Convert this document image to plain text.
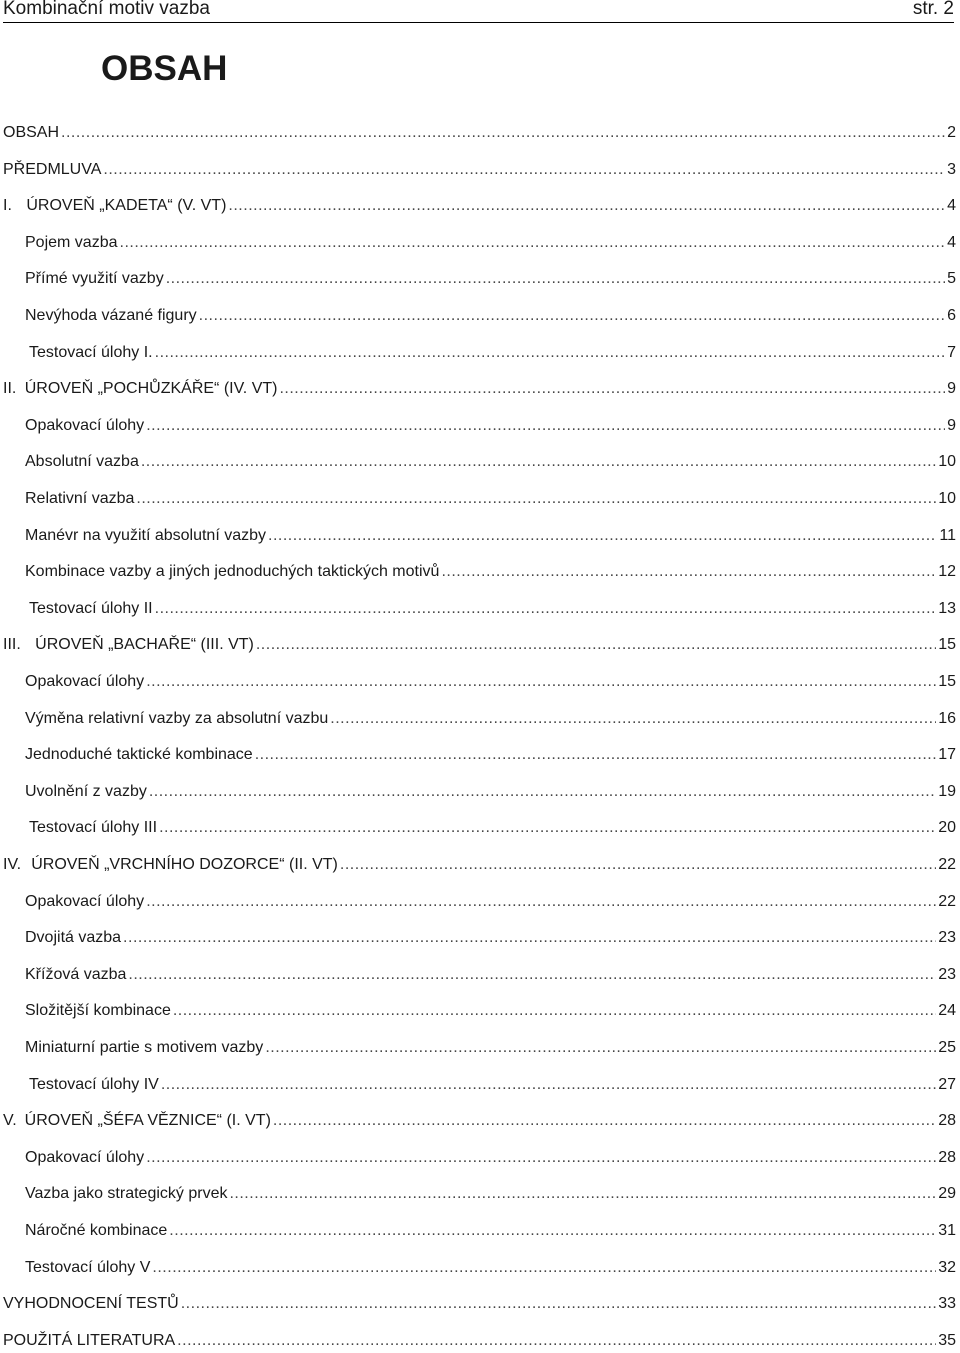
Kombinační motiv vazba	str. 2
OBSAH
OBSAH .....	2
PŘEDMLUVA .....	3
I. ÚROVEŇ „KADETA“ (V. VT) .....	4
Pojem vazba .....	4
Přímé využití vazby .....	5
Nevýhoda vázané figury .....	6
Testovací úlohy I. .....	7
II. ÚROVEŇ „POCHŮZKÁŘE“ (IV. VT) .....	9
Opakovací úlohy .....	9
Absolutní vazba .....	10
Relativní vazba .....	10
Manévr na využití absolutní vazby .....	11
Kombinace vazby a jiných jednoduchých taktických motivů .....	12
Testovací úlohy II .....	13
III. ÚROVEŇ „BACHAŘE“ (III. VT) .....	15
Opakovací úlohy .....	15
Výměna relativní vazby za absolutní vazbu .....	16
Jednoduché taktické kombinace .....	17
Uvolnění z vazby .....	19
Testovací úlohy III .....	20
IV. ÚROVEŇ „VRCHNÍHO DOZORCE“ (II. VT) .....	22
Opakovací úlohy .....	22
Dvojitá vazba .....	23
Křížová vazba .....	23
Složitější kombinace .....	24
Miniaturní partie s motivem vazby .....	25
Testovací úlohy IV .....	27
V. ÚROVEŇ „ŠÉFA VĚZNICE“ (I. VT) .....	28
Opakovací úlohy .....	28
Vazba jako strategický prvek .....	29
Náročné kombinace .....	31
Testovací úlohy V .....	32
VYHODNOCENÍ TESTŮ .....	33
POUŽITÁ LITERATURA .....	35
